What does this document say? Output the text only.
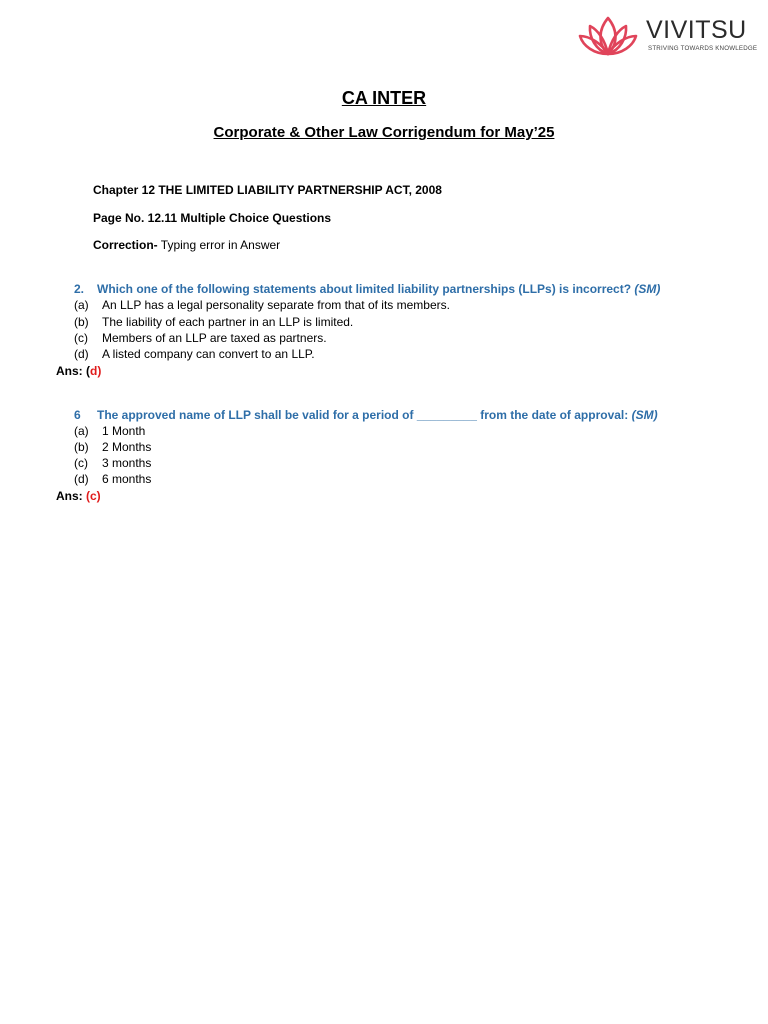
VIVITSU
STRIVING TOWARDS KNOWLEDGE
CA INTER
Corporate & Other Law Corrigendum for May’25
Chapter 12 THE LIMITED LIABILITY PARTNERSHIP ACT, 2008
Page No. 12.11 Multiple Choice Questions
Correction- Typing error in Answer
2. Which one of the following statements about limited liability partnerships (LLPs) is incorrect? (SM)
(a) An LLP has a legal personality separate from that of its members.
(b) The liability of each partner in an LLP is limited.
(c) Members of an LLP are taxed as partners.
(d) A listed company can convert to an LLP.
Ans: (d)
6 The approved name of LLP shall be valid for a period of _________ from the date of approval: (SM)
(a) 1 Month
(b) 2 Months
(c) 3 months
(d) 6 months
Ans: (c)
